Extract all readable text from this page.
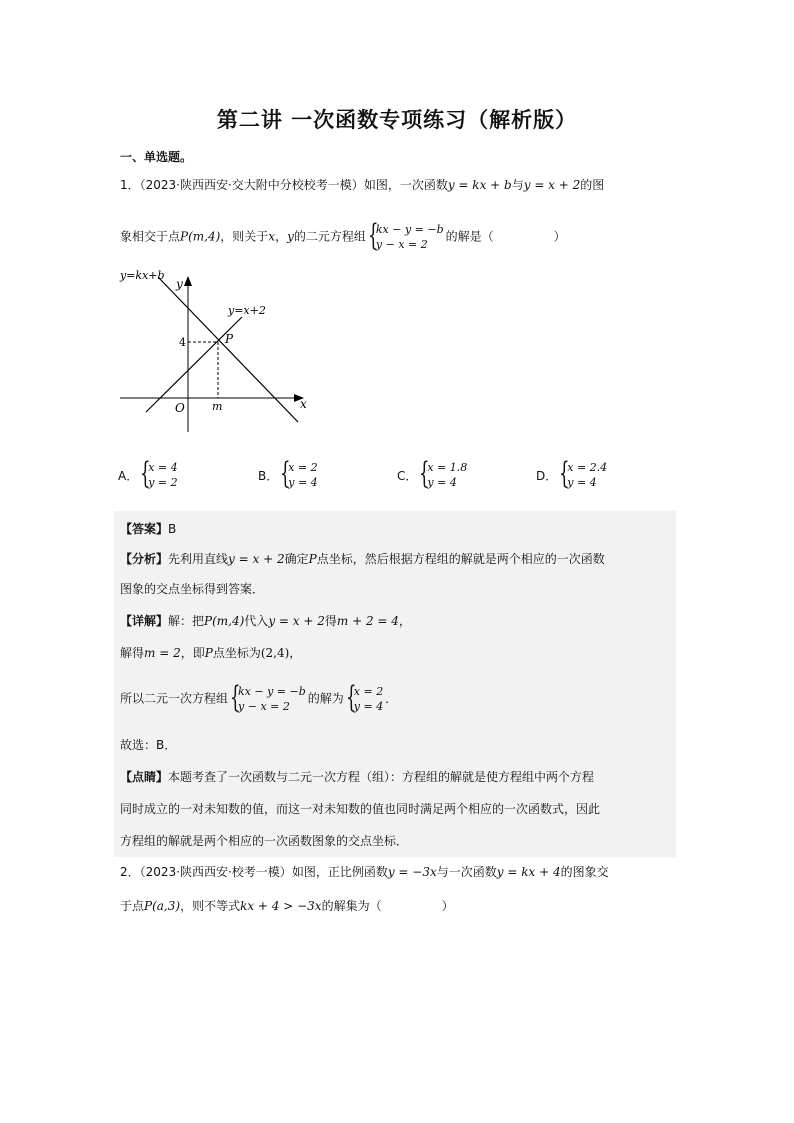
第二讲 一次函数专项练习（解析版）
一、单选题。
1．（2023·陕西西安·交大附中分校校考一模）如图，一次函数y = kx + b与y = x + 2的图
象相交于点P(m,4)，则关于x，y的二元方程组 {
kx − y = −b
y − x = 2
的解是（	）
y=kx+b
y=x+2
x
y
O
4
m
P
A． {
x = 4
y = 2	B． {
x = 2
y = 4	C． {
x = 1.8
y = 4	D． {
x = 2.4
y = 4
【答案】B
【分析】先利用直线y = x + 2确定P点坐标，然后根据方程组的解就是两个相应的一次函数
图象的交点坐标得到答案．
【详解】解：把P(m,4)代入y = x + 2得m + 2 = 4，
解得m = 2，即P点坐标为(2,4)，
所以二元一次方程组 {
kx − y = −b
y − x = 2
的解为 {
x = 2
y = 4
．
故选：B．
【点睛】本题考查了一次函数与二元一次方程（组）：方程组的解就是使方程组中两个方程
同时成立的一对未知数的值，而这一对未知数的值也同时满足两个相应的一次函数式，因此
方程组的解就是两个相应的一次函数图象的交点坐标．
2．（2023·陕西西安·校考一模）如图，正比例函数y = −3x与一次函数y = kx + 4的图象交
于点P(a,3)，则不等式kx + 4 > −3x的解集为（	）
